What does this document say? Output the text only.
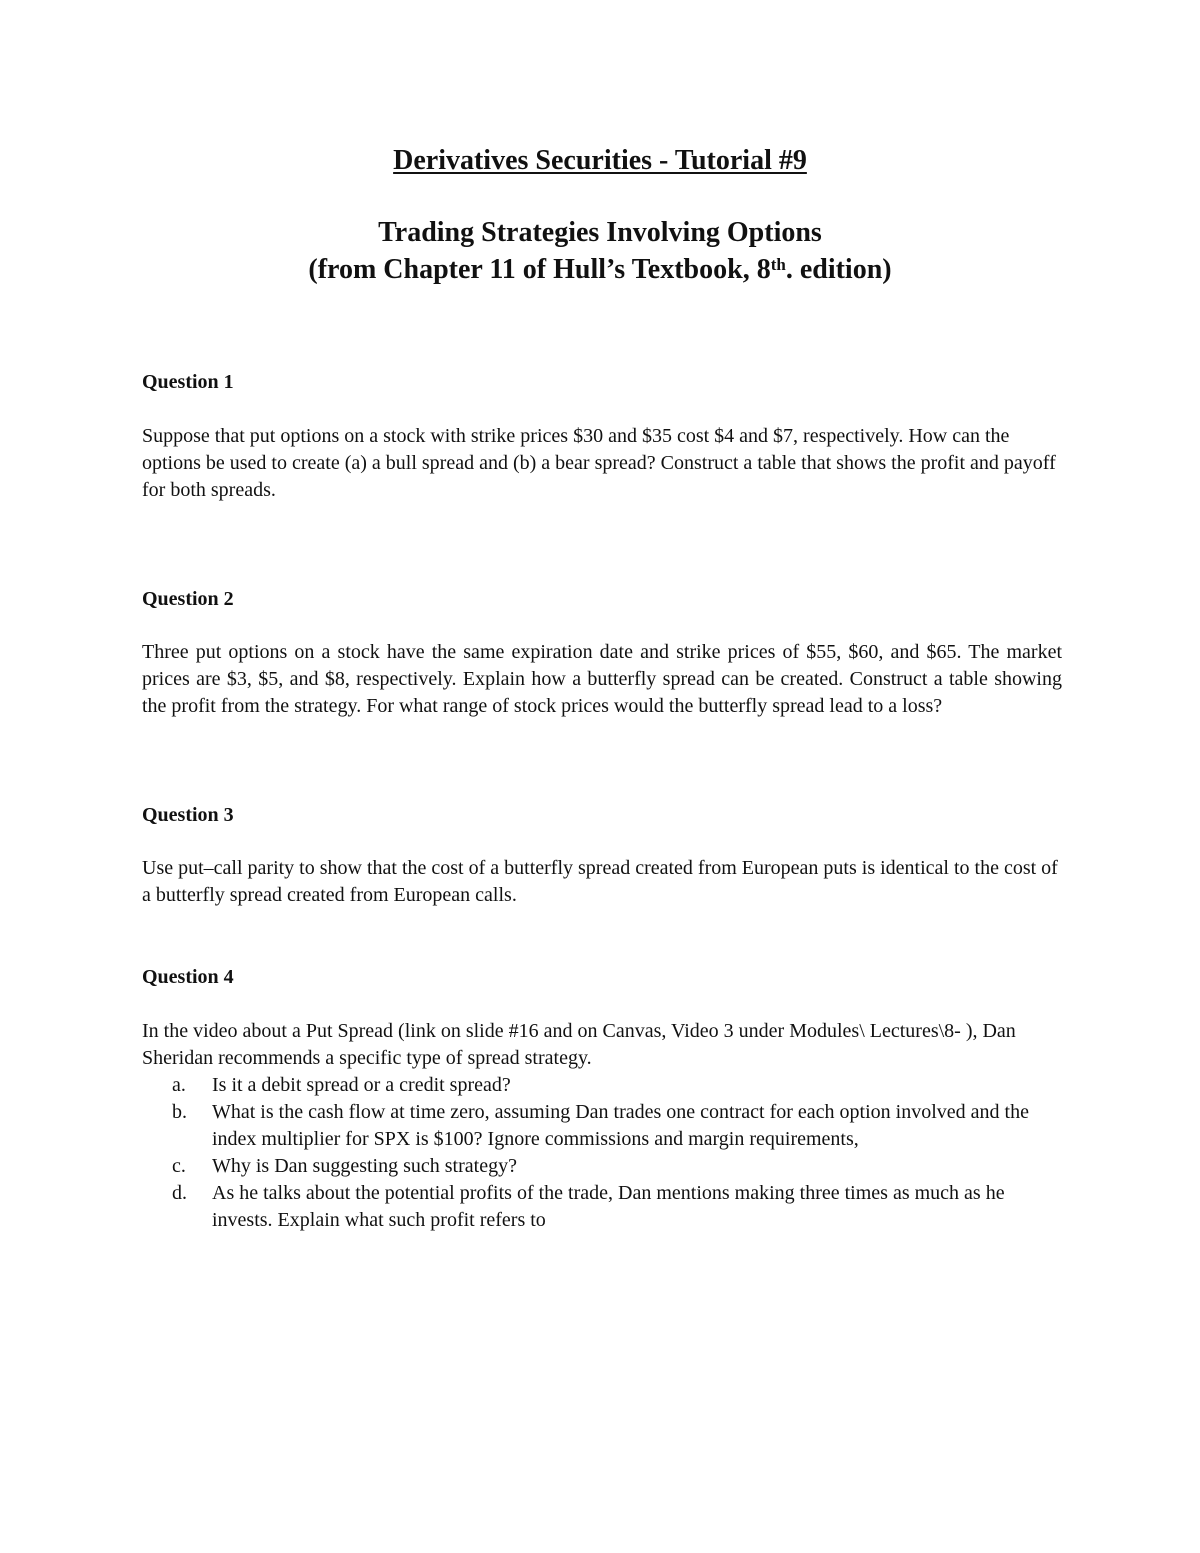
Derivatives Securities - Tutorial #9
Trading Strategies Involving Options
(from Chapter 11 of Hull’s Textbook, 8th. edition)

Question 1

Suppose that put options on a stock with strike prices $30 and $35 cost $4 and $7, respectively. How can the options be used to create (a) a bull spread and (b) a bear spread? Construct a table that shows the profit and payoff for both spreads.

Question 2

Three put options on a stock have the same expiration date and strike prices of $55, $60, and $65. The market prices are $3, $5, and $8, respectively. Explain how a butterfly spread can be created. Construct a table showing the profit from the strategy. For what range of stock prices would the butterfly spread lead to a loss?

Question 3

Use put–call parity to show that the cost of a butterfly spread created from European puts is identical to the cost of a butterfly spread created from European calls.

Question 4

In the video about a Put Spread (link on slide #16 and on Canvas, Video 3 under Modules\ Lectures\8- ), Dan Sheridan recommends a specific type of spread strategy.

a. Is it a debit spread or a credit spread?
b. What is the cash flow at time zero, assuming Dan trades one contract for each option involved and the index multiplier for SPX is $100? Ignore commissions and margin requirements,
c. Why is Dan suggesting such strategy?
d. As he talks about the potential profits of the trade, Dan mentions making three times as much as he invests. Explain what such profit refers to
